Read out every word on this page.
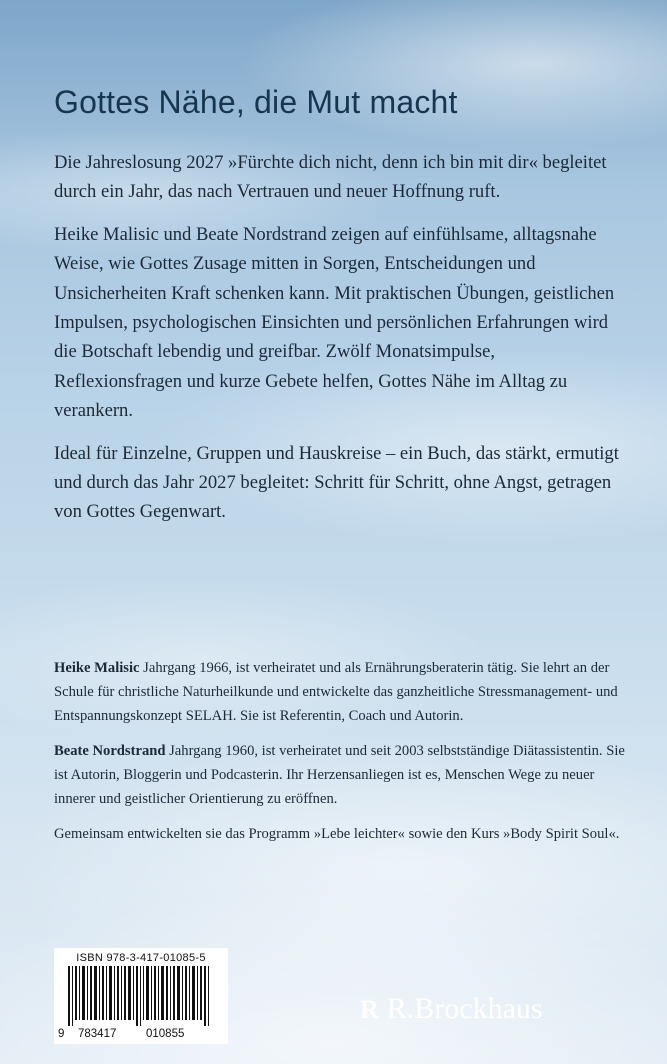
Gottes Nähe, die Mut macht

Die Jahreslosung 2027 »Fürchte dich nicht, denn ich bin mit dir« begleitet durch ein Jahr, das nach Vertrauen und neuer Hoffnung ruft.

Heike Malisic und Beate Nordstrand zeigen auf einfühlsame, alltagsnahe Weise, wie Gottes Zusage mitten in Sorgen, Entscheidungen und Unsicherheiten Kraft schenken kann. Mit praktischen Übungen, geistlichen Impulsen, psychologischen Einsichten und persönlichen Erfahrungen wird die Botschaft lebendig und greifbar. Zwölf Monatsimpulse, Reflexionsfragen und kurze Gebete helfen, Gottes Nähe im Alltag zu verankern.

Ideal für Einzelne, Gruppen und Hauskreise – ein Buch, das stärkt, ermutigt und durch das Jahr 2027 begleitet: Schritt für Schritt, ohne Angst, getragen von Gottes Gegenwart.

Heike Malisic Jahrgang 1966, ist verheiratet und als Ernährungsberaterin tätig. Sie lehrt an der Schule für christliche Naturheilkunde und entwickelte das ganzheitliche Stressmanagement- und Entspannungskonzept SELAH. Sie ist Referentin, Coach und Autorin.

Beate Nordstrand Jahrgang 1960, ist verheiratet und seit 2003 selbstständige Diätassistentin. Sie ist Autorin, Bloggerin und Podcasterin. Ihr Herzensanliegen ist es, Menschen Wege zu neuer innerer und geistlicher Orientierung zu eröffnen.

Gemeinsam entwickelten sie das Programm »Lebe leichter« sowie den Kurs »Body Spirit Soul«.

ISBN 978-3-417-01085-5
9 783417	010855
R R.Brockhaus
